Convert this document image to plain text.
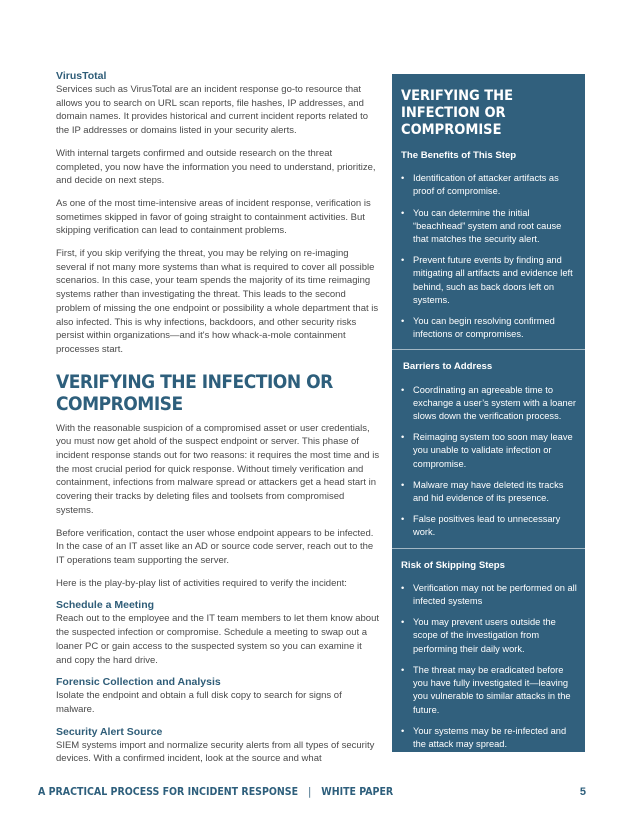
VirusTotal

Services such as VirusTotal are an incident response go-to resource that allows you to search on URL scan reports, file hashes, IP addresses, and domain names. It provides historical and current incident reports related to the IP addresses or domains listed in your security alerts.

With internal targets confirmed and outside research on the threat completed, you now have the information you need to understand, prioritize, and decide on next steps.

As one of the most time-intensive areas of incident response, verification is sometimes skipped in favor of going straight to containment activities. But skipping verification can lead to containment problems.

First, if you skip verifying the threat, you may be relying on re-imaging several if not many more systems than what is required to cover all possible scenarios. In this case, your team spends the majority of its time reimaging systems rather than investigating the threat. This leads to the second problem of missing the one endpoint or possibility a whole department that is also infected. This is why infections, backdoors, and other security risks persist within organizations—and it's how whack-a-mole containment processes start.

VERIFYING THE INFECTION OR COMPROMISE

With the reasonable suspicion of a compromised asset or user credentials, you must now get ahold of the suspect endpoint or server. This phase of incident response stands out for two reasons: it requires the most time and is the most crucial period for quick response. Without timely verification and containment, infections from malware spread or attackers get a head start in covering their tracks by deleting files and toolsets from compromised systems.

Before verification, contact the user whose endpoint appears to be infected. In the case of an IT asset like an AD or source code server, reach out to the IT operations team supporting the server.

Here is the play-by-play list of activities required to verify the incident:

Schedule a Meeting

Reach out to the employee and the IT team members to let them know about the suspected infection or compromise. Schedule a meeting to swap out a loaner PC or gain access to the suspected system so you can examine it and copy the hard drive.

Forensic Collection and Analysis

Isolate the endpoint and obtain a full disk copy to search for signs of malware.

Security Alert Source

SIEM systems import and normalize security alerts from all types of security devices. With a confirmed incident, look at the source and what

VERIFYING THE INFECTION OR COMPROMISE
The Benefits of This Step
• Identification of attacker artifacts as proof of compromise.
• You can determine the initial “beachhead” system and root cause that matches the security alert.
• Prevent future events by finding and mitigating all artifacts and evidence left behind, such as back doors left on systems.
• You can begin resolving confirmed infections or compromises.
Barriers to Address
• Coordinating an agreeable time to exchange a user’s system with a loaner slows down the verification process.
• Reimaging system too soon may leave you unable to validate infection or compromise.
• Malware may have deleted its tracks and hid evidence of its presence.
• False positives lead to unnecessary work.
Risk of Skipping Steps
• Verification may not be performed on all infected systems
• You may prevent users outside the scope of the investigation from performing their daily work.
• The threat may be eradicated before you have fully investigated it—leaving you vulnerable to similar attacks in the future.
• Your systems may be re-infected and the attack may spread.
A PRACTICAL PROCESS FOR INCIDENT RESPONSE | WHITE PAPER	5
